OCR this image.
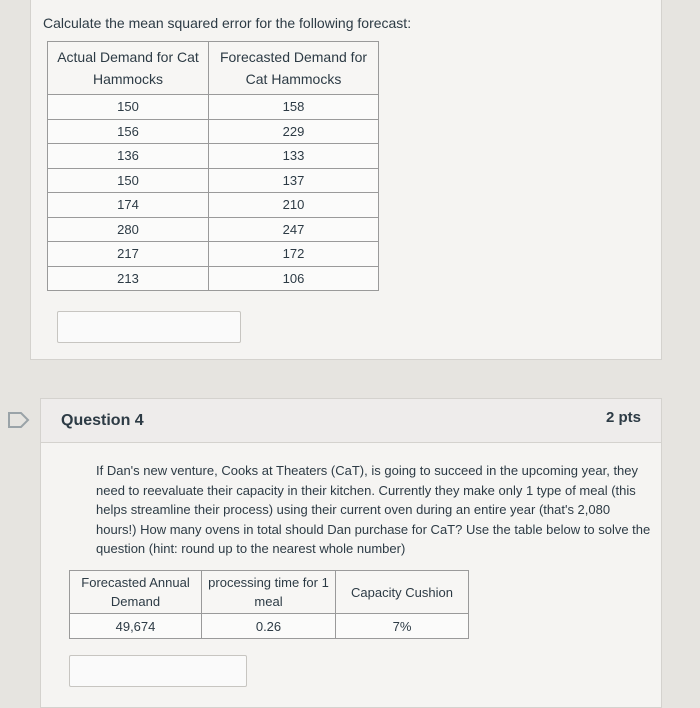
Calculate the mean squared error for the following forecast:
Actual Demand for Cat Hammocks	Forecasted Demand for Cat Hammocks
150	158
156	229
136	133
150	137
174	210
280	247
217	172
213	106
Question 4	2 pts
If Dan's new venture, Cooks at Theaters (CaT), is going to succeed in the upcoming year, they need to reevaluate their capacity in their kitchen. Currently they make only 1 type of meal (this helps streamline their process) using their current oven during an entire year (that's 2,080 hours!) How many ovens in total should Dan purchase for CaT? Use the table below to solve the question (hint: round up to the nearest whole number)
Forecasted Annual Demand	processing time for 1 meal	Capacity Cushion
49,674	0.26	7%
